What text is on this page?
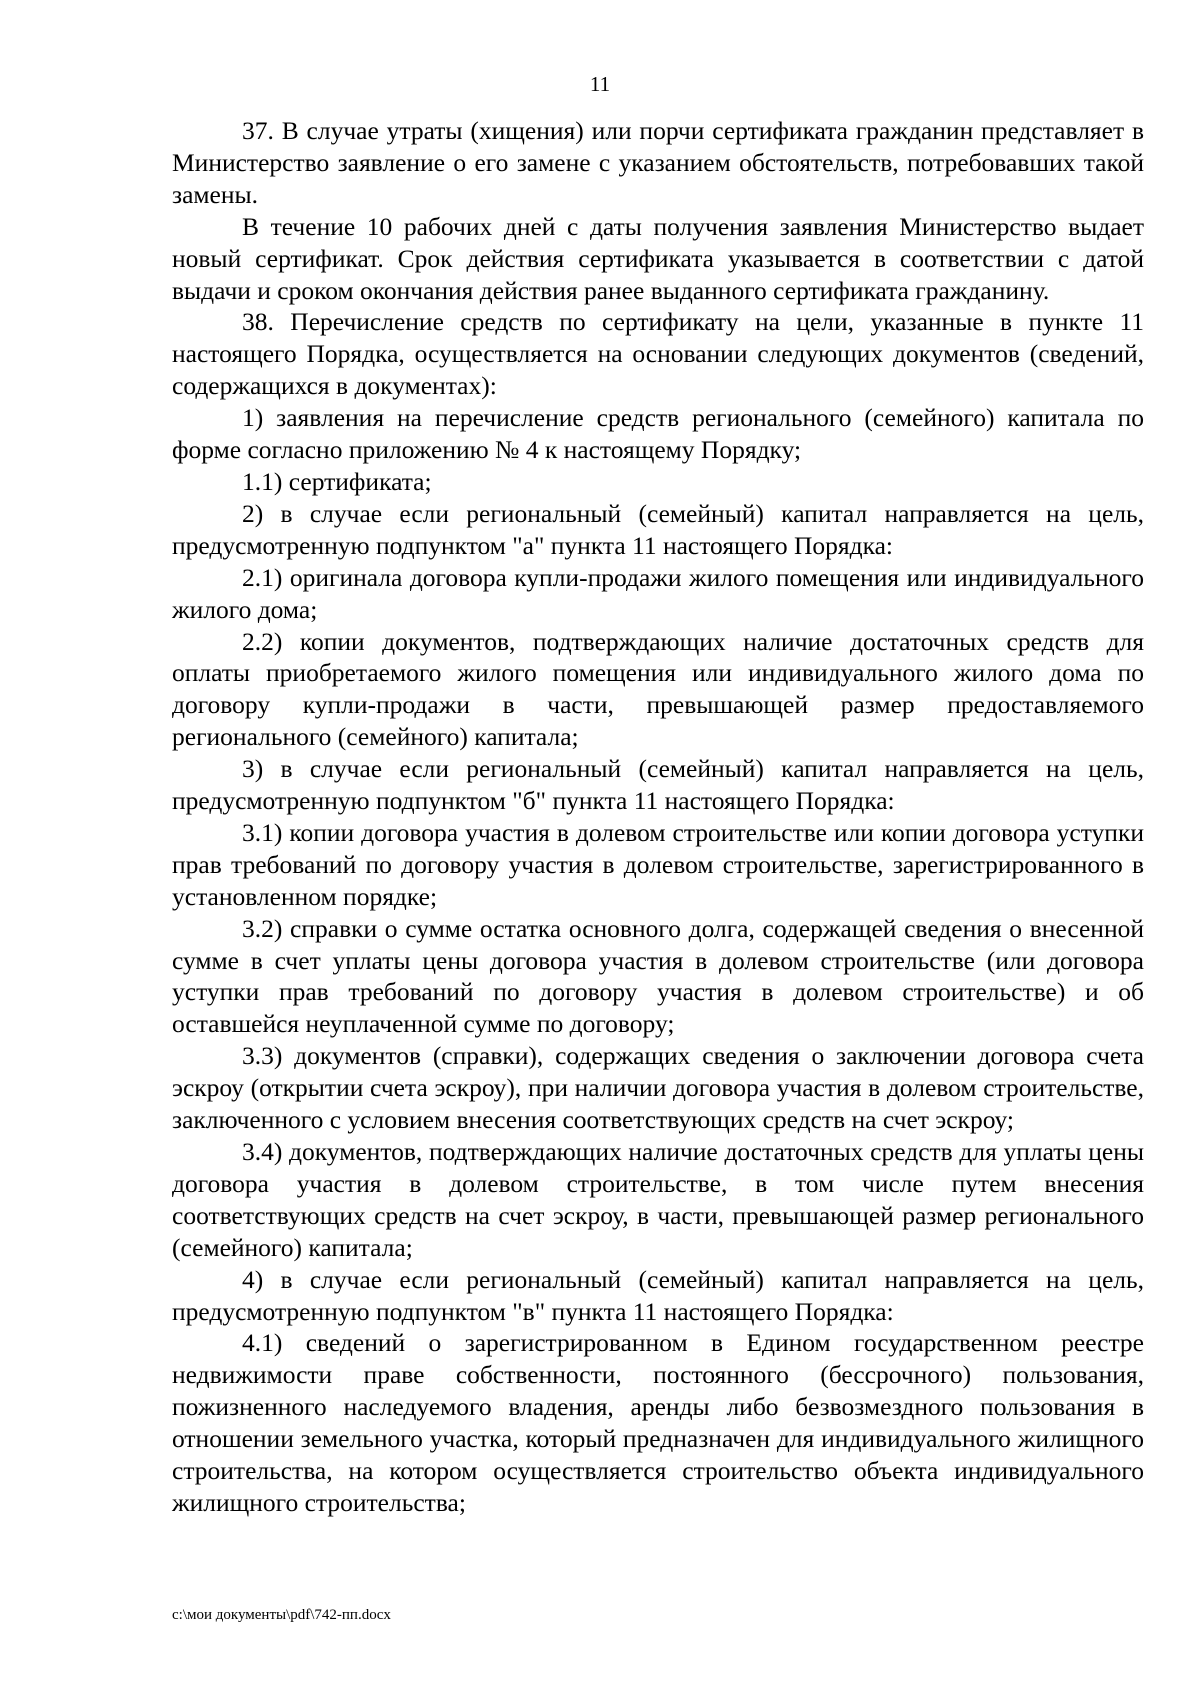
11

37. В случае утраты (хищения) или порчи сертификата гражданин представляет в Министерство заявление о его замене с указанием обстоятельств, потребовавших такой замены.

В течение 10 рабочих дней с даты получения заявления Министерство выдает новый сертификат. Срок действия сертификата указывается в соответствии с датой выдачи и сроком окончания действия ранее выданного сертификата гражданину.

38. Перечисление средств по сертификату на цели, указанные в пункте 11 настоящего Порядка, осуществляется на основании следующих документов (сведений, содержащихся в документах):

1) заявления на перечисление средств регионального (семейного) капитала по форме согласно приложению № 4 к настоящему Порядку;

1.1) сертификата;

2) в случае если региональный (семейный) капитал направляется на цель, предусмотренную подпунктом "а" пункта 11 настоящего Порядка:

2.1) оригинала договора купли-продажи жилого помещения или индивидуального жилого дома;

2.2) копии документов, подтверждающих наличие достаточных средств для оплаты приобретаемого жилого помещения или индивидуального жилого дома по договору купли-продажи в части, превышающей размер предоставляемого регионального (семейного) капитала;

3) в случае если региональный (семейный) капитал направляется на цель, предусмотренную подпунктом "б" пункта 11 настоящего Порядка:

3.1) копии договора участия в долевом строительстве или копии договора уступки прав требований по договору участия в долевом строительстве, зарегистрированного в установленном порядке;

3.2) справки о сумме остатка основного долга, содержащей сведения о внесенной сумме в счет уплаты цены договора участия в долевом строительстве (или договора уступки прав требований по договору участия в долевом строительстве) и об оставшейся неуплаченной сумме по договору;

3.3) документов (справки), содержащих сведения о заключении договора счета эскроу (открытии счета эскроу), при наличии договора участия в долевом строительстве, заключенного с условием внесения соответствующих средств на счет эскроу;

3.4) документов, подтверждающих наличие достаточных средств для уплаты цены договора участия в долевом строительстве, в том числе путем внесения соответствующих средств на счет эскроу, в части, превышающей размер регионального (семейного) капитала;

4) в случае если региональный (семейный) капитал направляется на цель, предусмотренную подпунктом "в" пункта 11 настоящего Порядка:

4.1) сведений о зарегистрированном в Едином государственном реестре недвижимости праве собственности, постоянного (бессрочного) пользования, пожизненного наследуемого владения, аренды либо безвозмездного пользования в отношении земельного участка, который предназначен для индивидуального жилищного строительства, на котором осуществляется строительство объекта индивидуального жилищного строительства;

c:\мои документы\pdf\742-пп.docx
